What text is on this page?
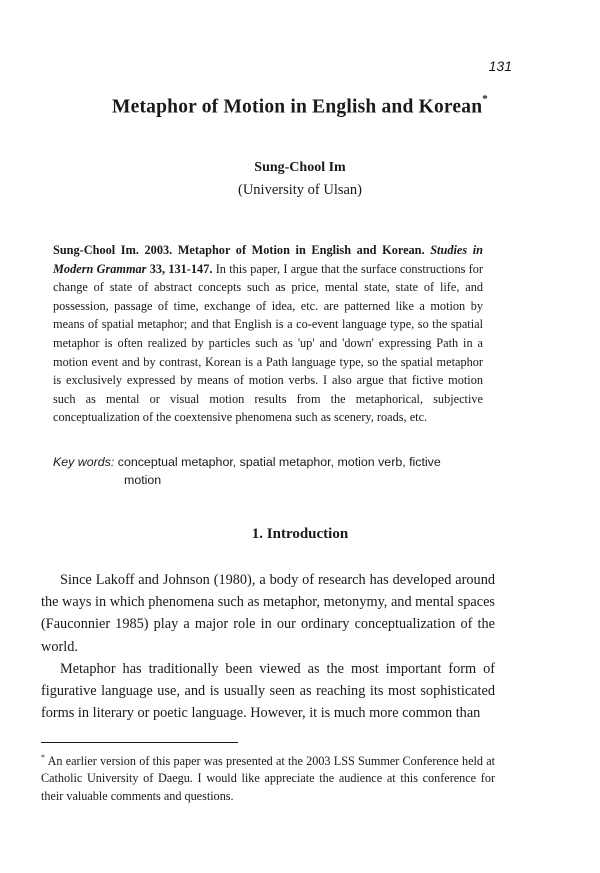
131
Metaphor of Motion in English and Korean*
Sung-Chool Im
(University of Ulsan)
Sung-Chool Im. 2003. Metaphor of Motion in English and Korean. Studies in Modern Grammar 33, 131-147. In this paper, I argue that the surface constructions for change of state of abstract concepts such as price, mental state, state of life, and possession, passage of time, exchange of idea, etc. are patterned like a motion by means of spatial metaphor; and that English is a co-event language type, so the spatial metaphor is often realized by particles such as 'up' and 'down' expressing Path in a motion event and by contrast, Korean is a Path language type, so the spatial metaphor is exclusively expressed by means of motion verbs. I also argue that fictive motion such as mental or visual motion results from the metaphorical, subjective conceptualization of the coextensive phenomena such as scenery, roads, etc.
Key words: conceptual metaphor, spatial metaphor, motion verb, fictive
motion
1. Introduction
Since Lakoff and Johnson (1980), a body of research has developed around the ways in which phenomena such as metaphor, metonymy, and mental spaces (Fauconnier 1985) play a major role in our ordinary conceptualization of the world.
Metaphor has traditionally been viewed as the most important form of figurative language use, and is usually seen as reaching its most sophisticated forms in literary or poetic language. However, it is much more common than
* An earlier version of this paper was presented at the 2003 LSS Summer Conference held at Catholic University of Daegu. I would like appreciate the audience at this conference for their valuable comments and questions.
